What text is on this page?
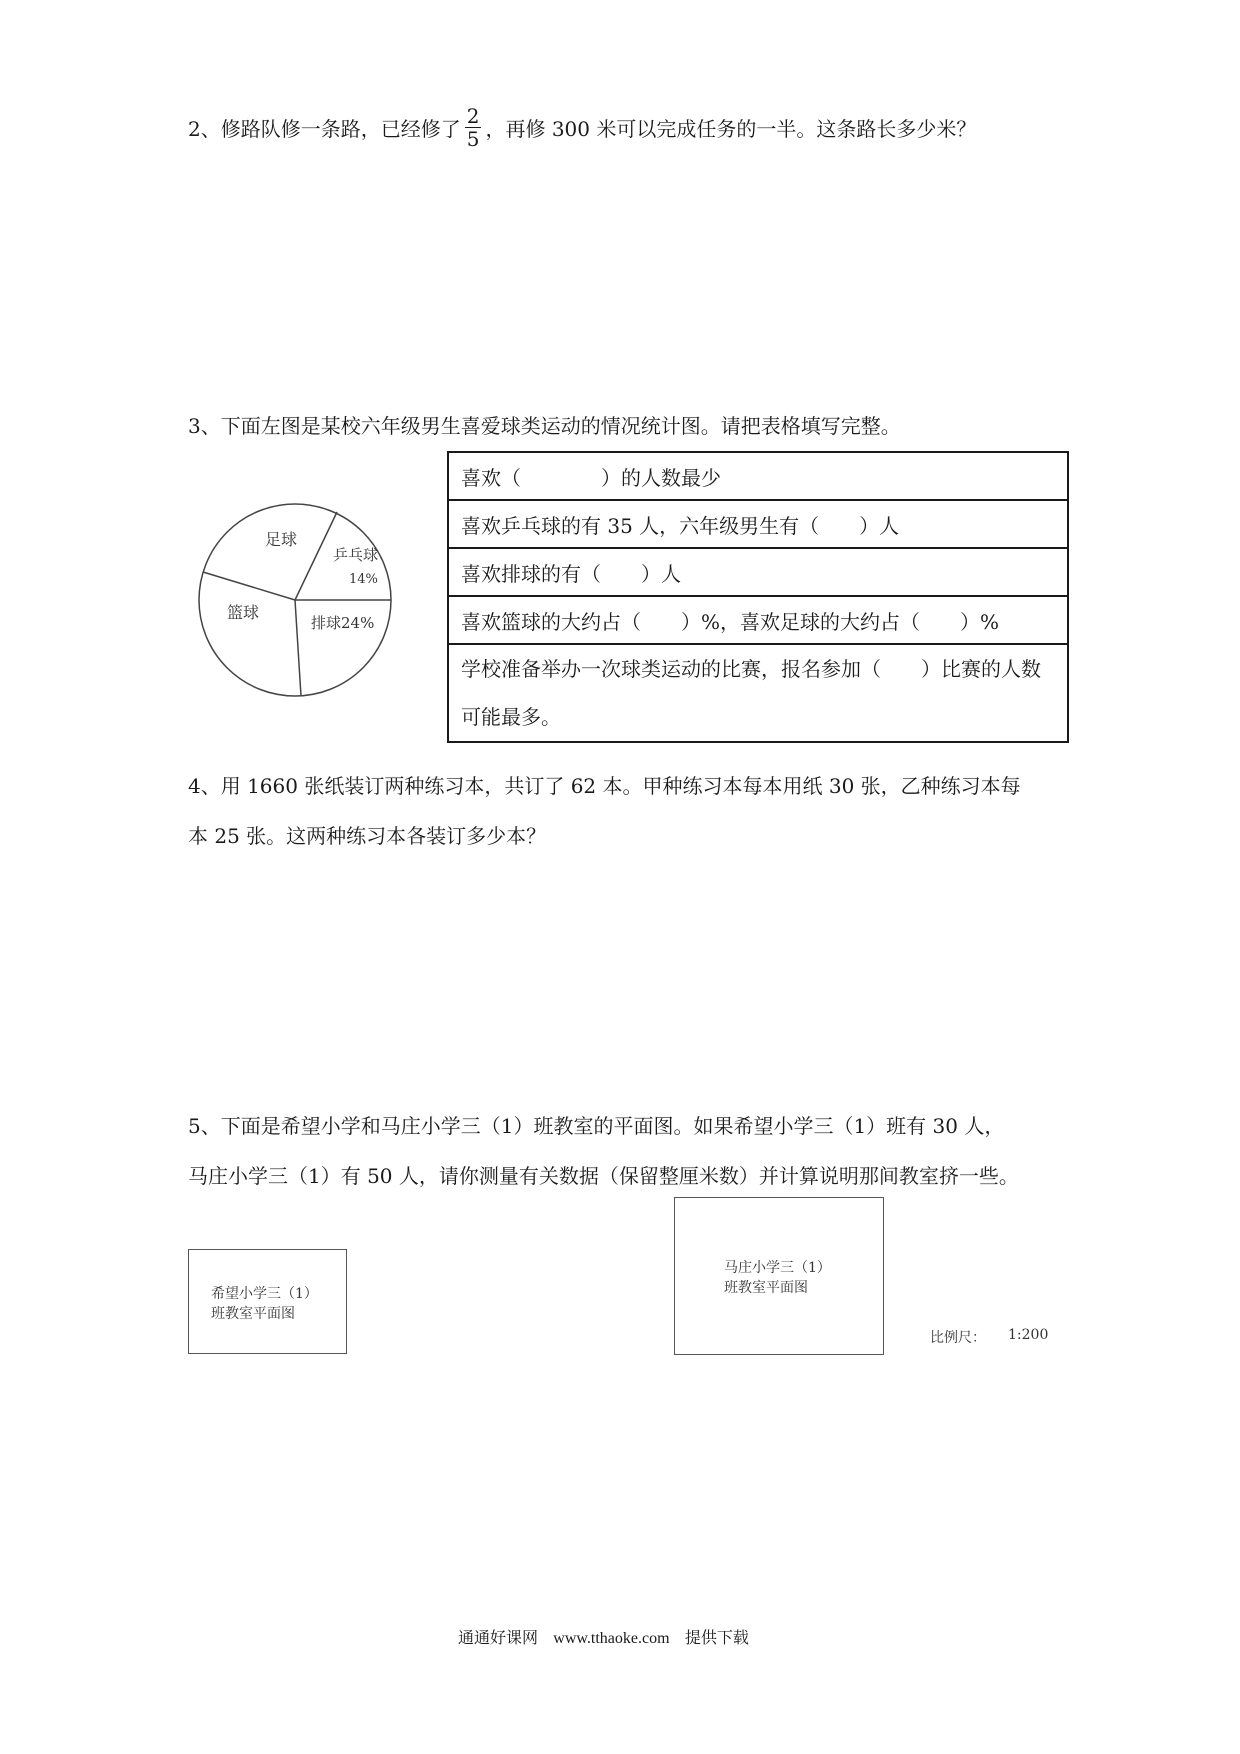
2、修路队修一条路，已经修了 $\frac{2}{5}$ ，再修 300 米可以完成任务的一半。这条路长多少米？
3、下面左图是某校六年级男生喜爱球类运动的情况统计图。请把表格填写完整。
足球
乒乓球
14%
排球24%
篮球
喜欢（　　　　）的人数最少
喜欢乒乓球的有 35 人，六年级男生有（　　）人
喜欢排球的有（　　）人
喜欢篮球的大约占（　　）%，喜欢足球的大约占（　　）%
学校准备举办一次球类运动的比赛，报名参加（　　）比赛的人数可能最多。
4、用 1660 张纸装订两种练习本，共订了 62 本。甲种练习本每本用纸 30 张，乙种练习本每
本 25 张。这两种练习本各装订多少本？
5、下面是希望小学和马庄小学三（1）班教室的平面图。如果希望小学三（1）班有 30 人，
马庄小学三（1）有 50 人，请你测量有关数据（保留整厘米数）并计算说明那间教室挤一些。
希望小学三（1）
班教室平面图
马庄小学三（1）
班教室平面图
比例尺： 1:200
通通好课网 www.tthaoke.com 提供下载
